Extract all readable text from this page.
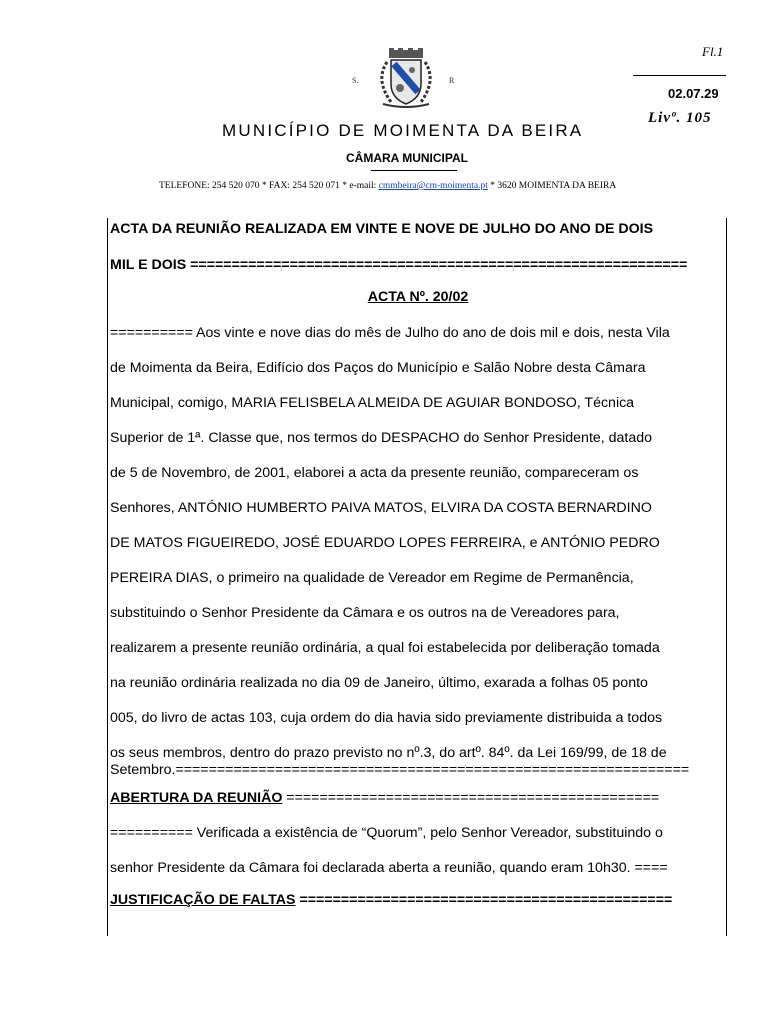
S.	R
Fl.1
02.07.29
Livº. 105
MUNICÍPIO DE MOIMENTA DA BEIRA
CÂMARA MUNICIPAL
TELEFONE: 254 520 070 * FAX: 254 520 071 * e-mail: cmmbeira@cm-moimenta.pt * 3620 MOIMENTA DA BEIRA
ACTA DA REUNIÃO REALIZADA EM VINTE E NOVE DE JULHO DO ANO DE DOIS
MIL E DOIS ============================================================
ACTA Nº. 20/02
========== Aos vinte e nove dias do mês de Julho do ano de dois mil e dois, nesta Vila
de Moimenta da Beira, Edifício dos Paços do Município e Salão Nobre desta Câmara
Municipal, comigo, MARIA FELISBELA ALMEIDA DE AGUIAR BONDOSO, Técnica
Superior de 1ª. Classe que, nos termos do DESPACHO do Senhor Presidente, datado
de 5 de Novembro, de 2001, elaborei a acta da presente reunião, compareceram os
Senhores, ANTÓNIO HUMBERTO PAIVA MATOS, ELVIRA DA COSTA BERNARDINO
DE MATOS FIGUEIREDO, JOSÉ EDUARDO LOPES FERREIRA, e ANTÓNIO PEDRO
PEREIRA DIAS, o primeiro na qualidade de Vereador em Regime de Permanência,
substituindo o Senhor Presidente da Câmara e os outros na de Vereadores para,
realizarem a presente reunião ordinária, a qual foi estabelecida por deliberação tomada
na reunião ordinária realizada no dia 09 de Janeiro, último, exarada a folhas 05 ponto
005, do livro de actas 103, cuja ordem do dia havia sido previamente distribuida a todos
os seus membros, dentro do prazo previsto no nº.3, do artº. 84º. da Lei 169/99, de 18 de
Setembro.==============================================================
ABERTURA DA REUNIÃO =============================================
========== Verificada a existência de “Quorum”, pelo Senhor Vereador, substituindo o
senhor Presidente da Câmara foi declarada aberta a reunião, quando eram 10h30. ====
JUSTIFICAÇÃO DE FALTAS =============================================
